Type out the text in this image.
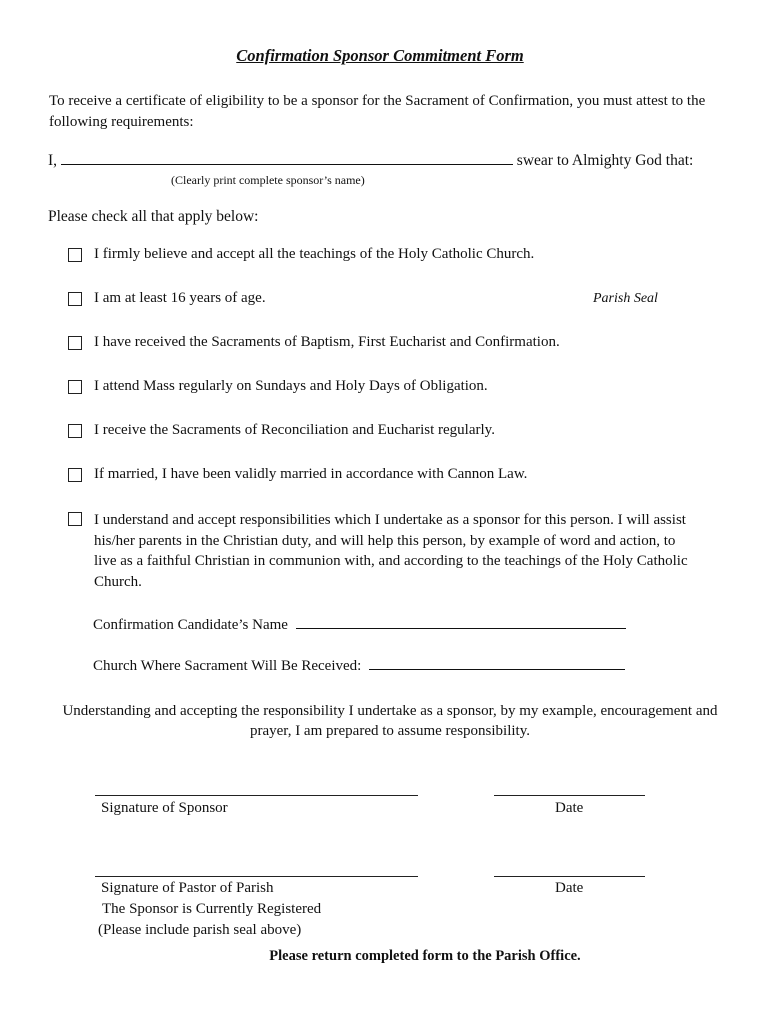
Confirmation Sponsor Commitment Form
To receive a certificate of eligibility to be a sponsor for the Sacrament of Confirmation, you must attest to the following requirements:
I,	swear to Almighty God that:
(Clearly print complete sponsor’s name)
Please check all that apply below:
I firmly believe and accept all the teachings of the Holy Catholic Church.
I am at least 16 years of age.	Parish Seal
I have received the Sacraments of Baptism, First Eucharist and Confirmation.
I attend Mass regularly on Sundays and Holy Days of Obligation.
I receive the Sacraments of Reconciliation and Eucharist regularly.
If married, I have been validly married in accordance with Cannon Law.
I understand and accept responsibilities which I undertake as a sponsor for this person. I will assist his/her parents in the Christian duty, and will help this person, by example of word and action, to live as a faithful Christian in communion with, and according to the teachings of the Holy Catholic Church.
Confirmation Candidate’s Name
Church Where Sacrament Will Be Received:
Understanding and accepting the responsibility I undertake as a sponsor, by my example, encouragement and prayer, I am prepared to assume responsibility.
Signature of Sponsor	Date
Signature of Pastor of Parish	Date
The Sponsor is Currently Registered
(Please include parish seal above)
Please return completed form to the Parish Office.
